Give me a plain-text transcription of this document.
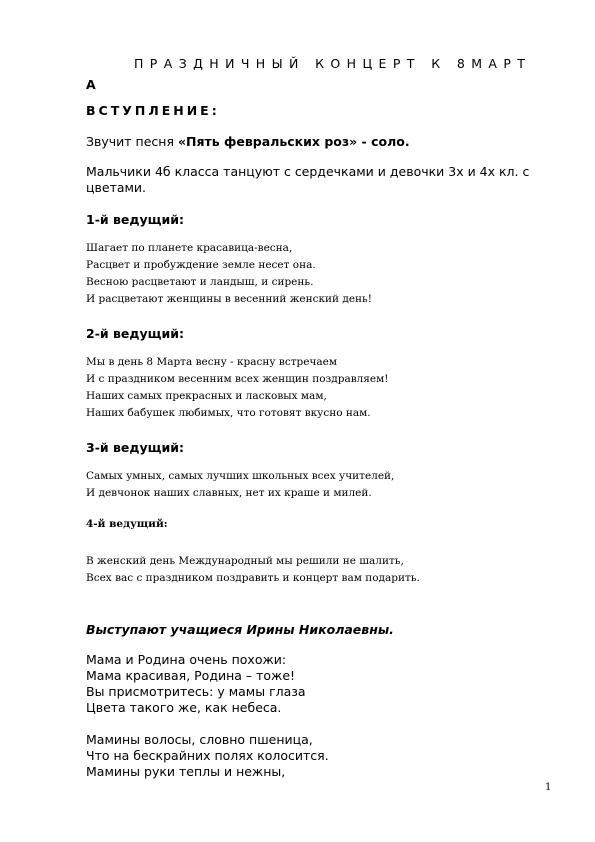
ПРАЗДНИЧНЫЙ КОНЦЕРТ К 8МАРТ
А
ВСТУПЛЕНИЕ:
Звучит песня «Пять февральских роз» - соло.
Мальчики 4б класса танцуют с сердечками и девочки 3х и 4х кл. с цветами.
1-й ведущий:
Шагает по планете красавица-весна,
Расцвет и пробуждение земле несет она.
Весною расцветают и ландыш, и сирень.
И расцветают женщины в весенний женский день!
2-й ведущий:
Мы в день 8 Марта весну - красну встречаем
И с праздником весенним всех женщин поздравляем!
Наших самых прекрасных и ласковых мам,
Наших бабушек любимых, что готовят вкусно нам.
3-й ведущий:
Самых умных, самых лучших школьных всех учителей,
И девчонок наших славных, нет их краше и милей.
4-й ведущий:
В женский день Международный мы решили не шалить,
Всех вас с праздником поздравить и концерт вам подарить.
Выступают учащиеся Ирины Николаевны.
Мама и Родина очень похожи:
Мама красивая, Родина – тоже!
Вы присмотритесь: у мамы глаза
Цвета такого же, как небеса.
Мамины волосы, словно пшеница,
Что на бескрайних полях колосится.
Мамины руки теплы и нежны,
1
